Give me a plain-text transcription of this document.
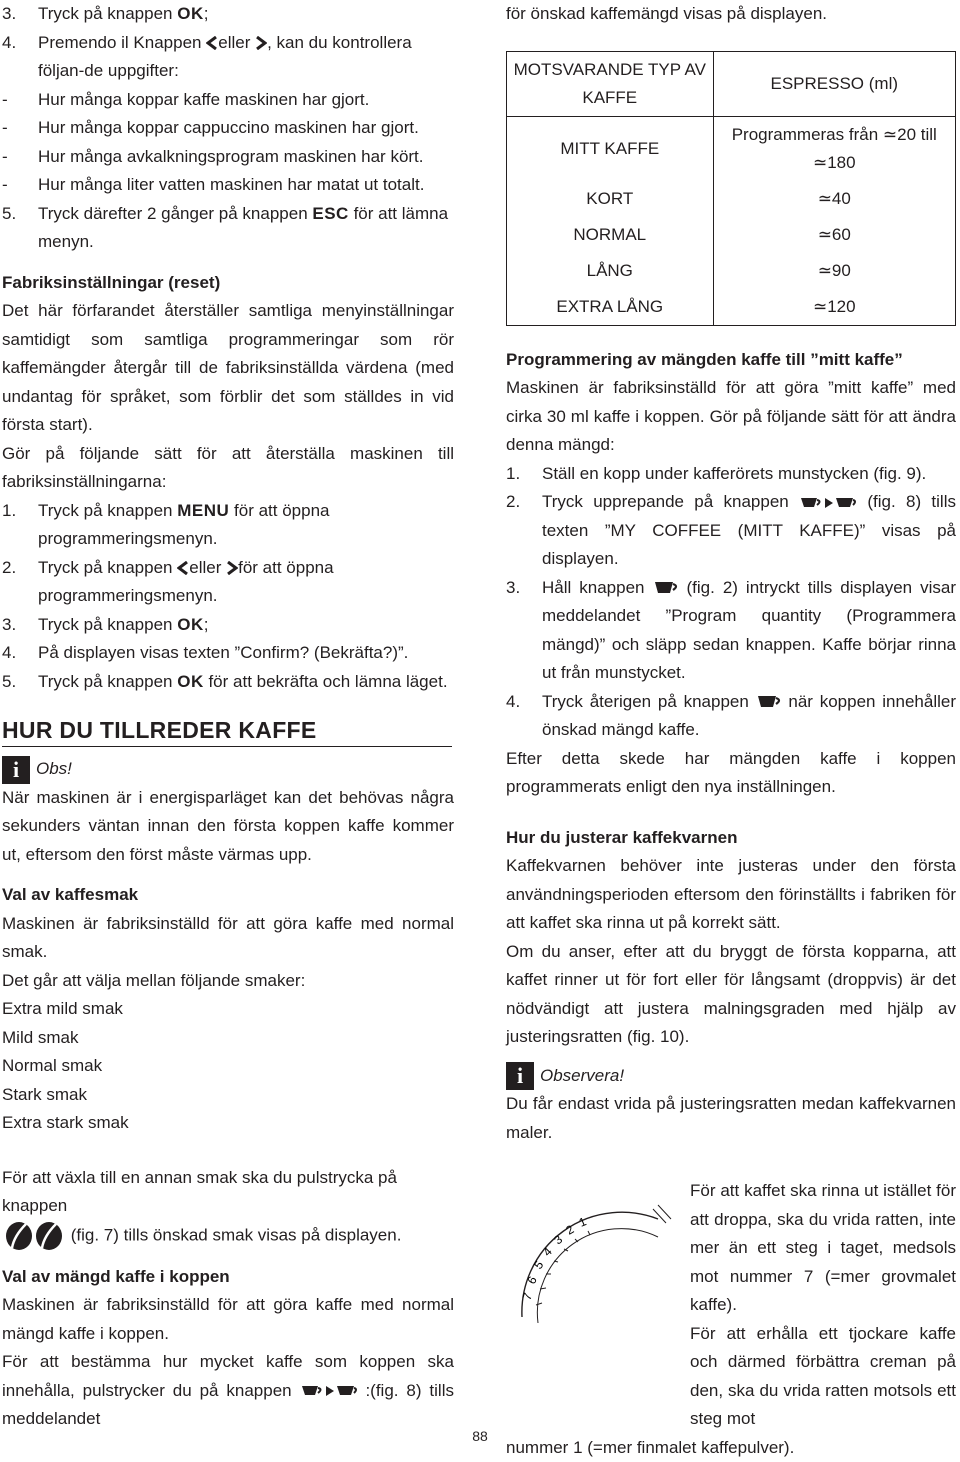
3. Tryck på knappen OK;
4. Premendo il Knappen eller , kan du kontrollera följan-de uppgifter:
- Hur många koppar kaffe maskinen har gjort.
- Hur många koppar cappuccino maskinen har gjort.
- Hur många avkalkningsprogram maskinen har kört.
- Hur många liter vatten maskinen har matat ut totalt.
5. Tryck därefter 2 gånger på knappen ESC för att lämna menyn.

Fabriksinställningar (reset)

Det här förfarandet återställer samtliga menyinställningar samtidigt som samtliga programmeringar som rör kaffemängder återgår till de fabriksinställda värdena (med undantag för språket, som förblir det som ställdes in vid första start).

Gör på följande sätt för att återställa maskinen till fabriksinställningarna:

1. Tryck på knappen MENU för att öppna programmeringsmenyn.
2. Tryck på knappen eller för att öppna programmeringsmenyn.
3. Tryck på knappen OK;
4. På displayen visas texten ”Confirm? (Bekräfta?)”.
5. Tryck på knappen OK för att bekräfta och lämna läget.
HUR DU TILLREDER KAFFE
i Obs!

När maskinen är i energisparläget kan det behövas några sekunders väntan innan den första koppen kaffe kommer ut, eftersom den först måste värmas upp.

Val av kaffesmak

Maskinen är fabriksinställd för att göra kaffe med normal smak.

Det går att välja mellan följande smaker:

Extra mild smak

Mild smak

Normal smak

Stark smak

Extra stark smak

För att växla till en annan smak ska du pulstrycka på knappen

(fig. 7) tills önskad smak visas på displayen.

Val av mängd kaffe i koppen

Maskinen är fabriksinställd för att göra kaffe med normal mängd kaffe i koppen.

För att bestämma hur mycket kaffe som koppen ska innehålla, pulstrycker du på knappen	:(fig. 8) tills meddelandet

för önskad kaffemängd visas på displayen.

MOTSVARANDE TYP AV KAFFE	ESPRESSO (ml)
MITT KAFFE	Programmeras från ≃20 till ≃180
KORT	≃40
NORMAL	≃60
LÅNG	≃90
EXTRA LÅNG	≃120

Programmering av mängden kaffe till ”mitt kaffe”

Maskinen är fabriksinställd för att göra ”mitt kaffe” med cirka 30 ml kaffe i koppen. Gör på följande sätt för att ändra denna mängd:

1. Ställ en kopp under kafferörets munstycken (fig. 9).
2. Tryck upprepande på knappen	(fig. 8) tills texten ”MY COFFEE (MITT KAFFE)” visas på displayen.
3. Håll knappen  (fig. 2) intryckt tills displayen visar meddelandet ”Program quantity (Programmera mängd)” och släpp sedan knappen. Kaffe börjar rinna ut från munstycket.
4. Tryck återigen på knappen  när koppen innehåller önskad mängd kaffe.

Efter detta skede har mängden kaffe i koppen programmerats enligt den nya inställningen.

Hur du justerar kaffekvarnen

Kaffekvarnen behöver inte justeras under den första användningsperioden eftersom den förinställts i fabriken för att kaffet ska rinna ut på korrekt sätt.

Om du anser, efter att du bryggt de första kopparna, att kaffet rinner ut för fort eller för långsamt (droppvis) är det nödvändigt att justera malningsgraden med hjälp av justeringsratten (fig. 10).

i Observera!

Du får endast vrida på justeringsratten medan kaffekvarnen maler.

För att kaffet ska rinna ut istället för att droppa, ska du vrida ratten, inte mer än ett steg i taget, medsols mot nummer 7 (=mer grovmalet kaffe).

För att erhålla ett tjockare kaffe och därmed förbättra creman på den, ska du vrida ratten motsols ett steg mot

nummer 1 (=mer finmalet kaffepulver).

7
6
5
4
3
2
1
88
